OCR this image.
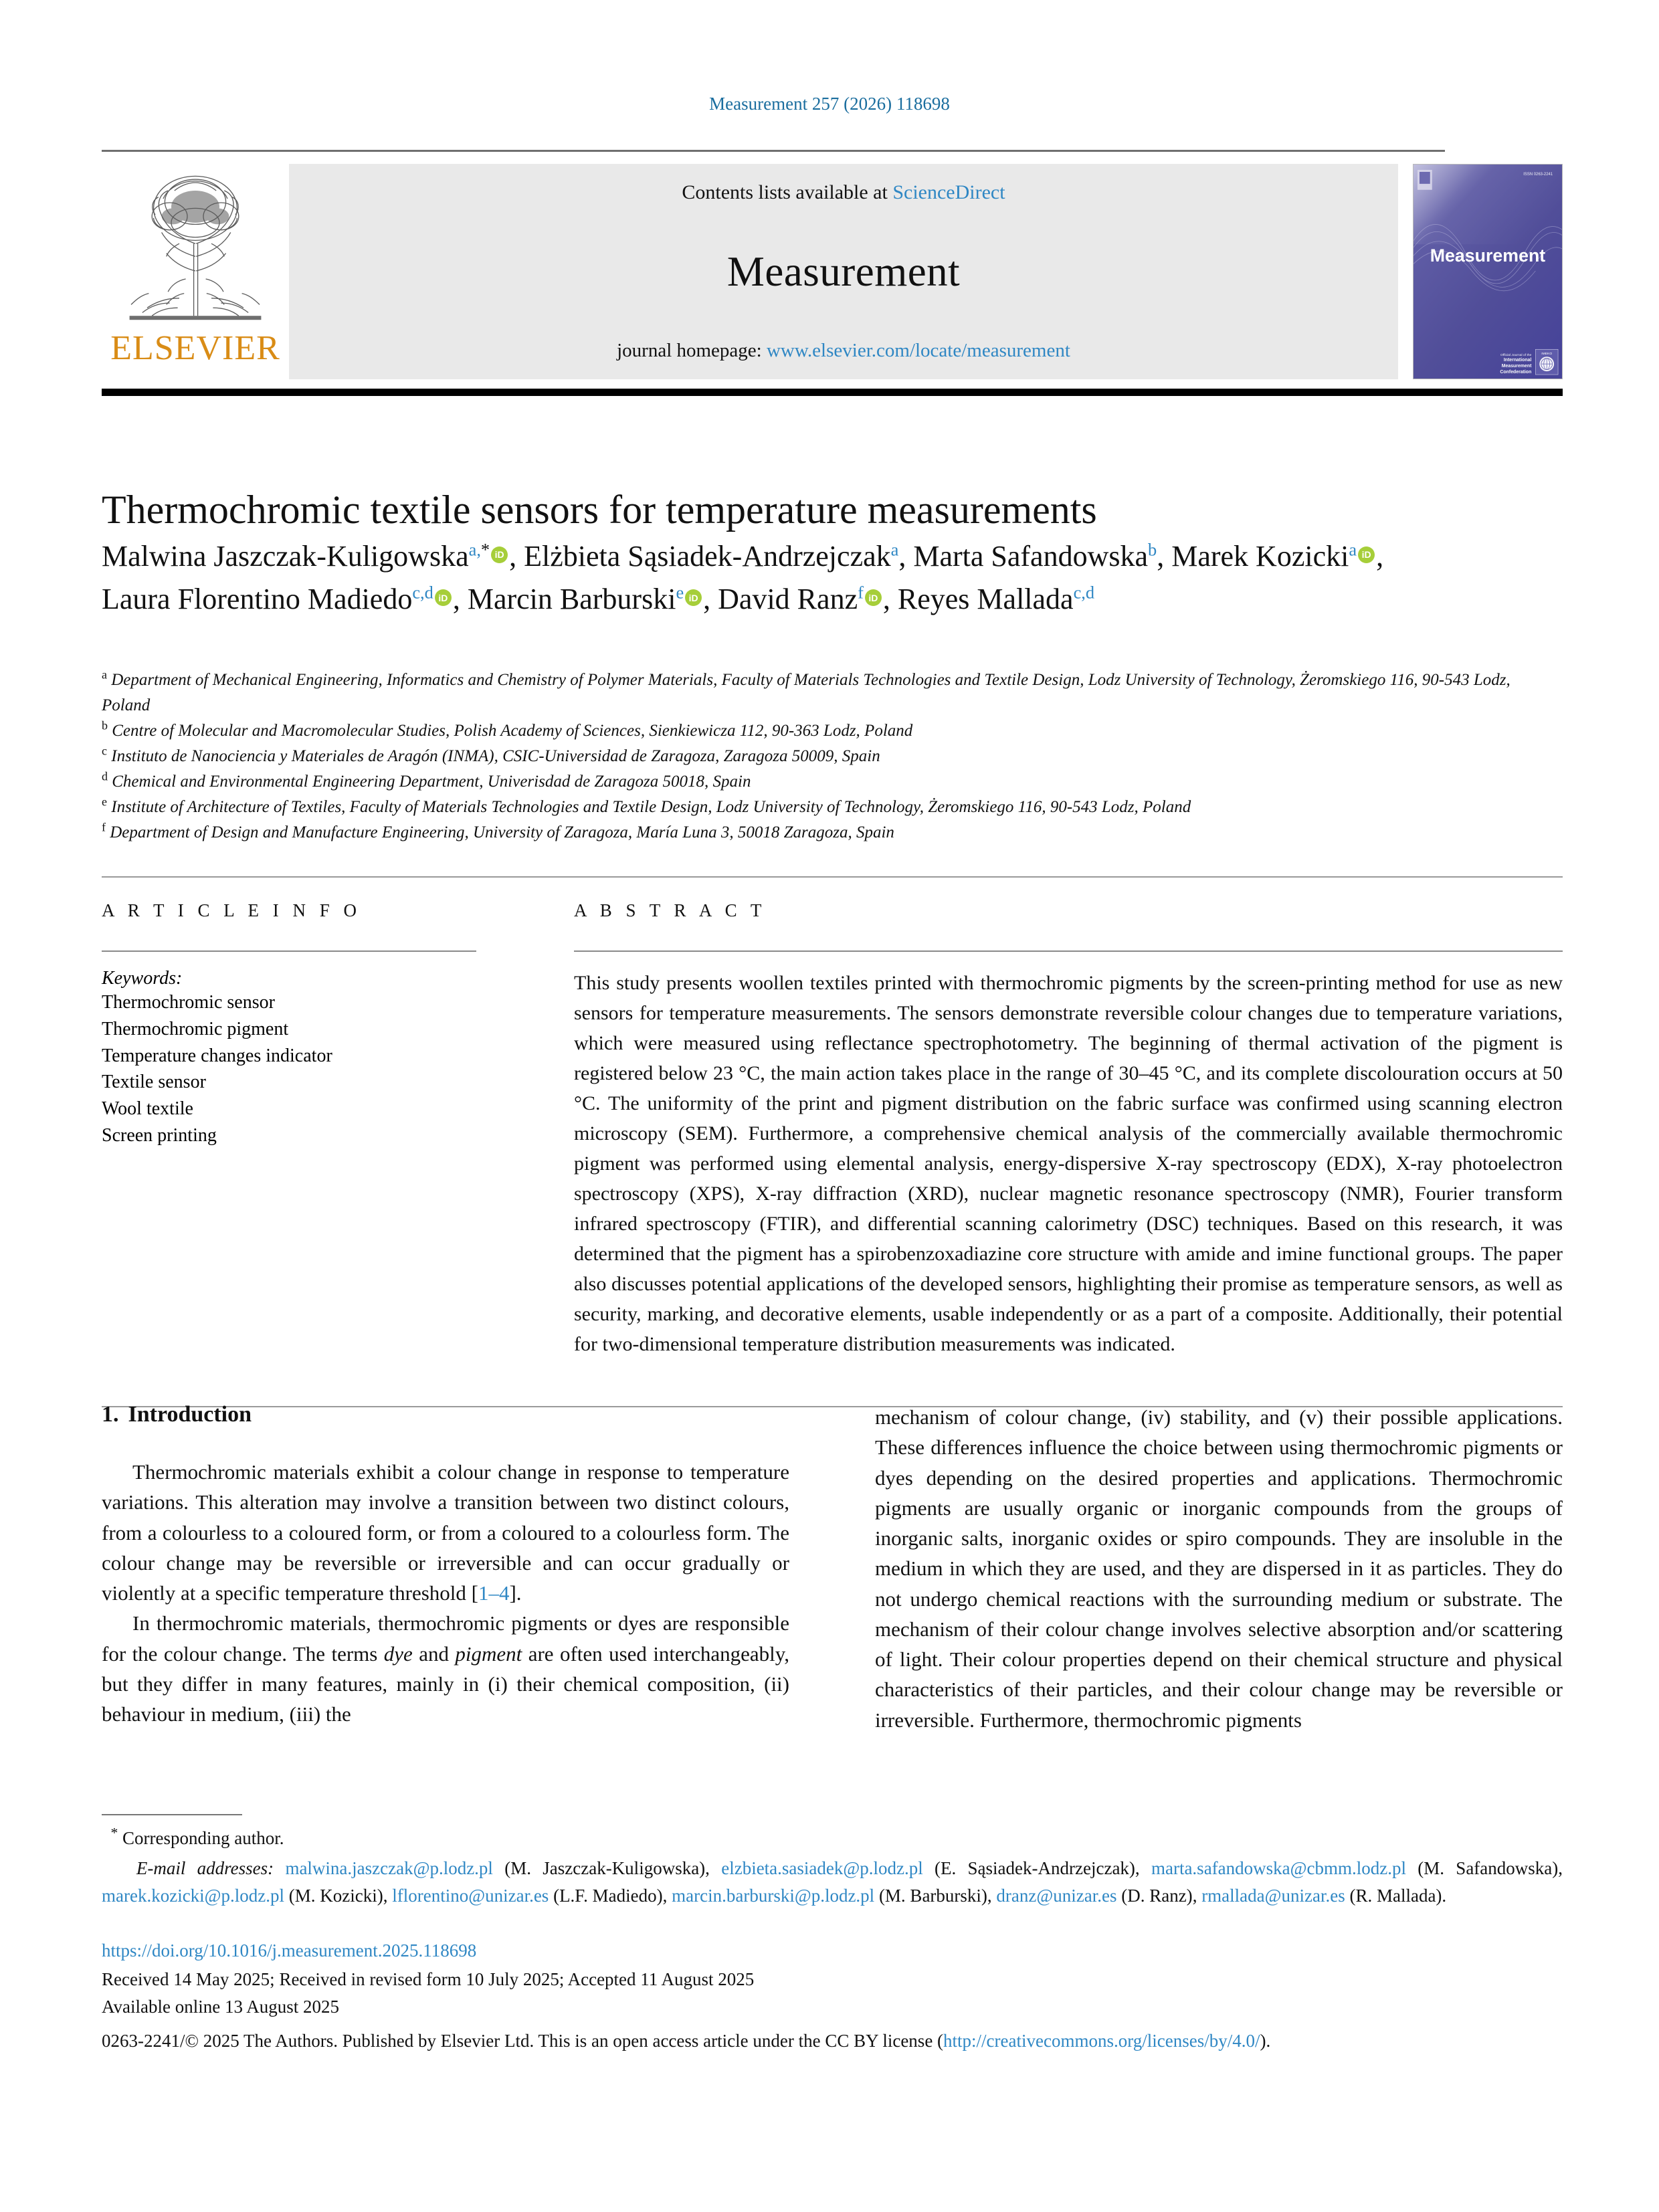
Measurement 257 (2026) 118698
ELSEVIER
Contents lists available at ScienceDirect
Measurement
journal homepage: www.elsevier.com/locate/measurement
ISSN 0263-2241
Measurement
Official Journal of the
International
Measurement
Confederation
IMEKO
Thermochromic textile sensors for temperature measurements
Malwina Jaszczak-Kuligowska$^{a,*}$ iD , Elżbieta Sąsiadek-Andrzejczak$^a$, Marta Safandowska$^b$, Marek Kozicki$^a$ iD , Laura Florentino Madiedo$^{c,d}$ iD , Marcin Barburski$^e$ iD , David Ranz$^f$ iD , Reyes Mallada$^{c,d}$

$^a$ Department of Mechanical Engineering, Informatics and Chemistry of Polymer Materials, Faculty of Materials Technologies and Textile Design, Lodz University of Technology, Żeromskiego 116, 90-543 Lodz, Poland

$^b$ Centre of Molecular and Macromolecular Studies, Polish Academy of Sciences, Sienkiewicza 112, 90-363 Lodz, Poland

$^c$ Instituto de Nanociencia y Materiales de Aragón (INMA), CSIC-Universidad de Zaragoza, Zaragoza 50009, Spain

$^d$ Chemical and Environmental Engineering Department, Univerisdad de Zaragoza 50018, Spain

$^e$ Institute of Architecture of Textiles, Faculty of Materials Technologies and Textile Design, Lodz University of Technology, Żeromskiego 116, 90-543 Lodz, Poland

$^f$ Department of Design and Manufacture Engineering, University of Zaragoza, María Luna 3, 50018 Zaragoza, Spain

A R T I C L E I N F O
Keywords:
Thermochromic sensor
Thermochromic pigment
Temperature changes indicator
Textile sensor
Wool textile
Screen printing
A B S T R A C T

This study presents woollen textiles printed with thermochromic pigments by the screen-printing method for use as new sensors for temperature measurements. The sensors demonstrate reversible colour changes due to temperature variations, which were measured using reflectance spectrophotometry. The beginning of thermal activation of the pigment is registered below 23 °C, the main action takes place in the range of 30–45 °C, and its complete discolouration occurs at 50 °C. The uniformity of the print and pigment distribution on the fabric surface was confirmed using scanning electron microscopy (SEM). Furthermore, a comprehensive chemical analysis of the commercially available thermochromic pigment was performed using elemental analysis, energy-dispersive X-ray spectroscopy (EDX), X-ray photoelectron spectroscopy (XPS), X-ray diffraction (XRD), nuclear magnetic resonance spectroscopy (NMR), Fourier transform infrared spectroscopy (FTIR), and differential scanning calorimetry (DSC) techniques. Based on this research, it was determined that the pigment has a spirobenzoxadiazine core structure with amide and imine functional groups. The paper also discusses potential applications of the developed sensors, highlighting their promise as temperature sensors, as well as security, marking, and decorative elements, usable independently or as a part of a composite. Additionally, their potential for two-dimensional temperature distribution measurements was indicated.

1. Introduction

Thermochromic materials exhibit a colour change in response to temperature variations. This alteration may involve a transition between two distinct colours, from a colourless to a coloured form, or from a coloured to a colourless form. The colour change may be reversible or irreversible and can occur gradually or violently at a specific temperature threshold [1–4].

In thermochromic materials, thermochromic pigments or dyes are responsible for the colour change. The terms dye and pigment are often used interchangeably, but they differ in many features, mainly in (i) their chemical composition, (ii) behaviour in medium, (iii) the

mechanism of colour change, (iv) stability, and (v) their possible applications. These differences influence the choice between using thermochromic pigments or dyes depending on the desired properties and applications. Thermochromic pigments are usually organic or inorganic compounds from the groups of inorganic salts, inorganic oxides or spiro compounds. They are insoluble in the medium in which they are used, and they are dispersed in it as particles. They do not undergo chemical reactions with the surrounding medium or substrate. The mechanism of their colour change involves selective absorption and/or scattering of light. Their colour properties depend on their chemical structure and physical characteristics of their particles, and their colour change may be reversible or irreversible. Furthermore, thermochromic pigments

* Corresponding author.
E-mail addresses: malwina.jaszczak@p.lodz.pl (M. Jaszczak-Kuligowska), elzbieta.sasiadek@p.lodz.pl (E. Sąsiadek-Andrzejczak), marta.safandowska@cbmm.lodz.pl (M. Safandowska), marek.kozicki@p.lodz.pl (M. Kozicki), lflorentino@unizar.es (L.F. Madiedo), marcin.barburski@p.lodz.pl (M. Barburski), dranz@unizar.es (D. Ranz), rmallada@unizar.es (R. Mallada).
https://doi.org/10.1016/j.measurement.2025.118698
Received 14 May 2025; Received in revised form 10 July 2025; Accepted 11 August 2025
Available online 13 August 2025
0263-2241/© 2025 The Authors. Published by Elsevier Ltd. This is an open access article under the CC BY license (http://creativecommons.org/licenses/by/4.0/).
